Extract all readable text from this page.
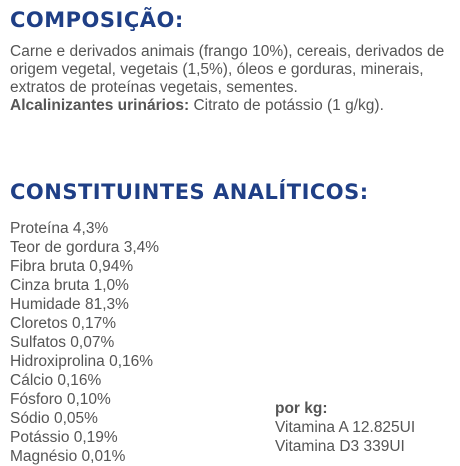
COMPOSIÇÃO:

Carne e derivados animais (frango 10%), cereais, derivados de origem vegetal, vegetais (1,5%), óleos e gorduras, minerais, extratos de proteínas vegetais, sementes.

Alcalinizantes urinários: Citrato de potássio (1 g/kg).

CONSTITUINTES ANALÍTICOS:
Proteína 4,3%
Teor de gordura 3,4%
Fibra bruta 0,94%
Cinza bruta 1,0%
Humidade 81,3%
Cloretos 0,17%
Sulfatos 0,07%
Hidroxiprolina 0,16%
Cálcio 0,16%
Fósforo 0,10%
Sódio 0,05%
Potássio 0,19%
Magnésio 0,01%
por kg:
Vitamina A 12.825UI
Vitamina D3 339UI
